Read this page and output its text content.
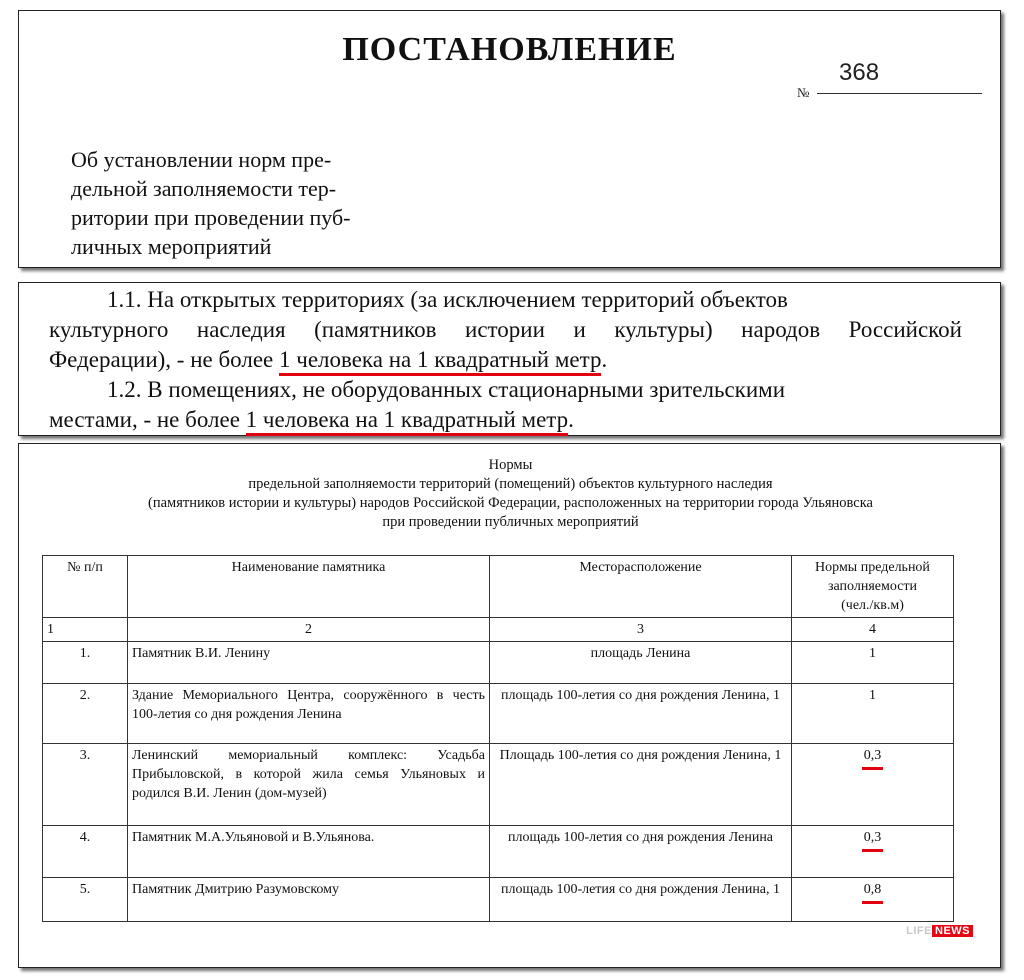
ПОСТАНОВЛЕНИЕ
№
368
Об установлении норм пре-
дельной заполняемости тер-
ритории при проведении пуб-
личных мероприятий
1.1. На открытых территориях (за исключением территорий объектов
культурного наследия (памятников истории и культуры) народов Российской
Федерации), - не более 1 человека на 1 квадратный метр.
1.2. В помещениях, не оборудованных стационарными зрительскими
местами, - не более 1 человека на 1 квадратный метр.
Нормы
предельной заполняемости территорий (помещений) объектов культурного наследия
(памятников истории и культуры) народов Российской Федерации, расположенных на территории города Ульяновска
при проведении публичных мероприятий
№ п/п	Наименование памятника	Месторасположение	Нормы предельной
заполняемости
(чел./кв.м)

1	2	3	4
1.	Памятник В.И. Ленину	площадь Ленина	1
2.	Здание Мемориального Центра, сооружённого в честь 100-летия со дня рождения Ленина	площадь 100-летия со дня рождения Ленина, 1	1
3.	Ленинский мемориальный комплекс: Усадьба Прибыловской, в которой жила семья Ульяновых и родился В.И. Ленин (дом-музей)	Площадь 100-летия со дня рождения Ленина, 1	0,3
4.	Памятник М.А.Ульяновой и В.Ульянова.	площадь 100-летия со дня рождения Ленина	0,3
5.	Памятник Дмитрию Разумовскому	площадь 100-летия со дня рождения Ленина, 1	0,8
LIFE NEWS
